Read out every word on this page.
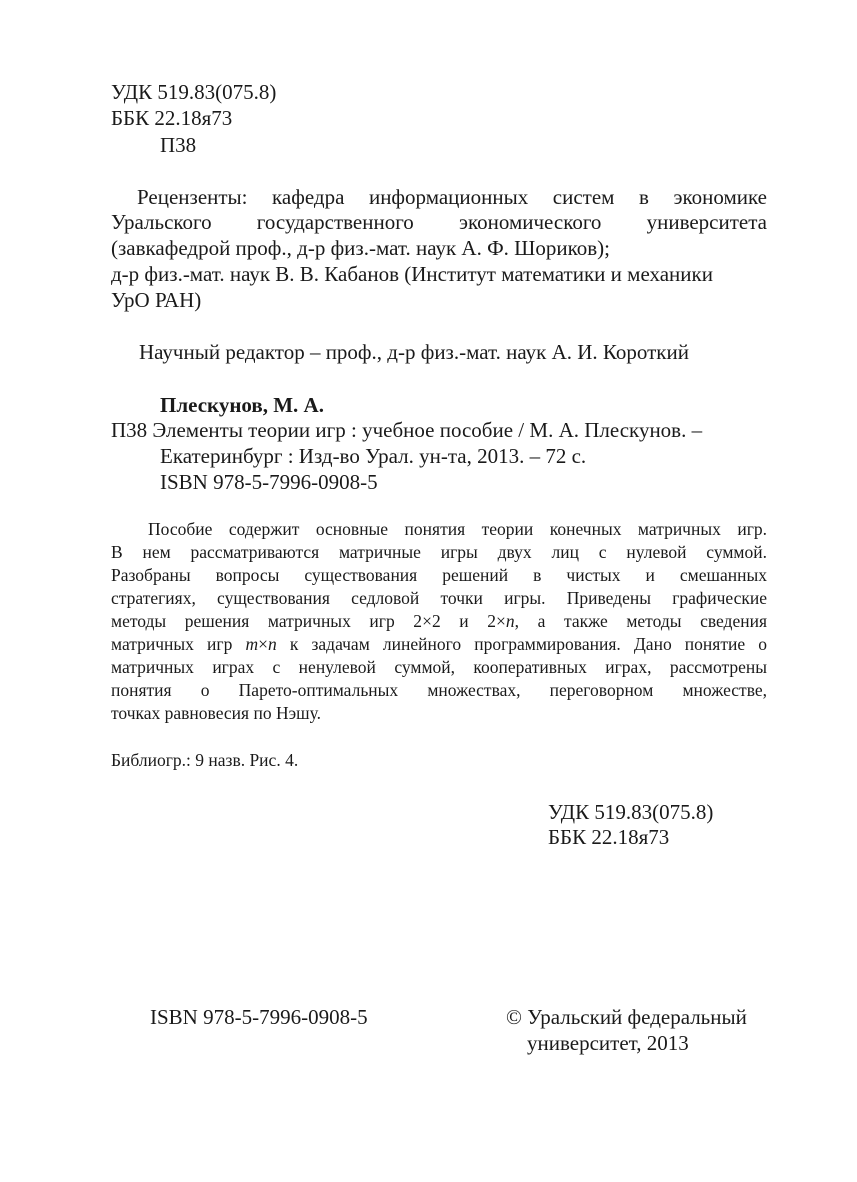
УДК 519.83(075.8)
ББК 22.18я73
П38
Рецензенты: кафедра информационных систем в экономике
Уральского государственного экономического университета
(завкафедрой проф., д-р физ.-мат. наук А. Ф. Шориков);
д-р физ.-мат. наук В. В. Кабанов (Институт математики и механики
УрО РАН)
Научный редактор – проф., д-р физ.-мат. наук А. И. Короткий
Плескунов, М. А.
П38 Элементы теории игр : учебное пособие / М. А. Плескунов. –
Екатеринбург : Изд-во Урал. ун-та, 2013. – 72 с.
ISBN 978-5-7996-0908-5
Пособие содержит основные понятия теории конечных матричных игр.
В нем рассматриваются матричные игры двух лиц с нулевой суммой.
Разобраны вопросы существования решений в чистых и смешанных
стратегиях, существования седловой точки игры. Приведены графические
методы решения матричных игр 2×2 и 2×n, а также методы сведения
матричных игр m×n к задачам линейного программирования. Дано понятие о
матричных играх с ненулевой суммой, кооперативных играх, рассмотрены
понятия о Парето-оптимальных множествах, переговорном множестве,
точках равновесия по Нэшу.
Библиогр.: 9 назв. Рис. 4.
УДК 519.83(075.8)
ББК 22.18я73
ISBN 978-5-7996-0908-5	© Уральский федеральный
университет, 2013
